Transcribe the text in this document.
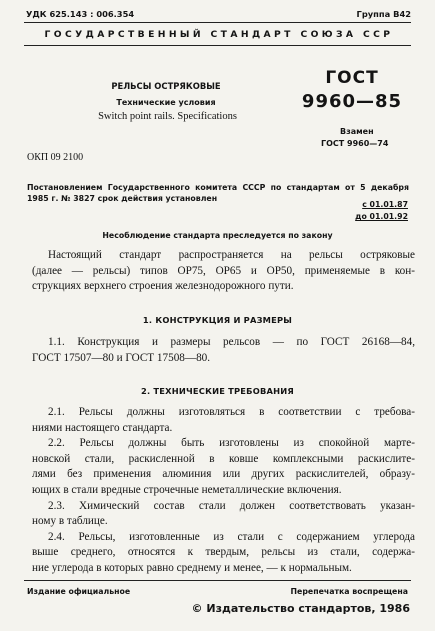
УДК 625.143 : 006.354	Группа В42
ГОСУДАРСТВЕННЫЙ СТАНДАРТ СОЮЗА ССР
РЕЛЬСЫ ОСТРЯКОВЫЕ
Технические условия
Switch point rails. Specifications
ГОСТ
9960—85
Взамен
ГОСТ 9960—74
ОКП 09 2100
Постановлением Государственного комитета СССР по стандартам от 5 декабря
1985 г. № 3827 срок действия установлен
с 01.01.87
до 01.01.92
Несоблюдение стандарта преследуется по закону
Настоящий стандарт распространяется на рельсы остряковые
(далее — рельсы) типов ОР75, ОР65 и ОР50, применяемые в кон-
струкциях верхнего строения железнодорожного пути.
1. КОНСТРУКЦИЯ И РАЗМЕРЫ
1.1. Конструкция и размеры рельсов — по ГОСТ 26168—84,
ГОСТ 17507—80 и ГОСТ 17508—80.
2. ТЕХНИЧЕСКИЕ ТРЕБОВАНИЯ
2.1. Рельсы должны изготовляться в соответствии с требова-
ниями настоящего стандарта.
2.2. Рельсы должны быть изготовлены из спокойной марте-
новской стали, раскисленной в ковше комплексными раскислите-
лями без применения алюминия или других раскислителей, образу-
ющих в стали вредные строчечные неметаллические включения.
2.3. Химический состав стали должен соответствовать указан-
ному в таблице.
2.4. Рельсы, изготовленные из стали с содержанием углерода
выше среднего, относятся к твердым, рельсы из стали, содержа-
ние углерода в которых равно среднему и менее, — к нормальным.
Издание официальное	Перепечатка воспрещена
© Издательство стандартов, 1986
